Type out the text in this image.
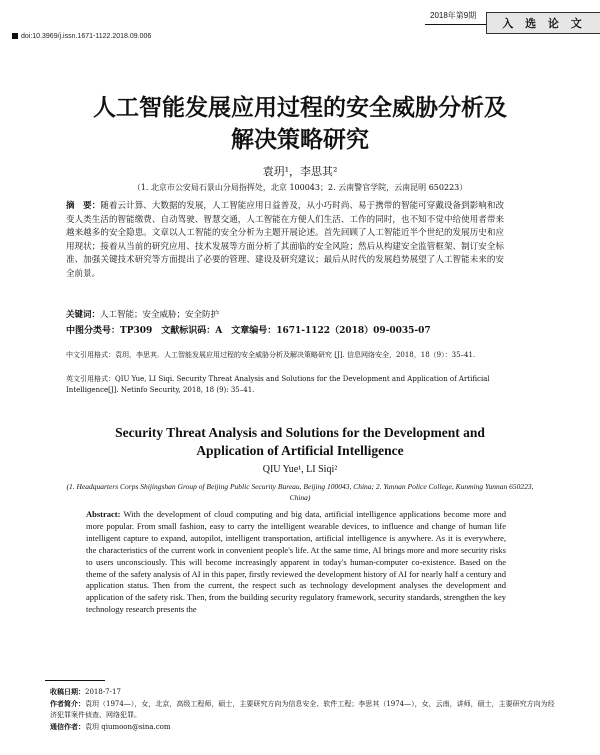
doi:10.3969/j.issn.1671-1122.2018.09.006
2018年第9期
入 选 论 文
人工智能发展应用过程的安全威胁分析及
解决策略研究
袁玥¹，李思其²
（1. 北京市公安局石景山分局指挥处，北京 100043；2. 云南警官学院，云南昆明 650223）
摘　要：随着云计算、大数据的发展，人工智能应用日益普及，从小巧时尚、易于携带的智能可穿戴设备到影响和改变人类生活的智能缴费、自动驾驶、智慧交通，人工智能在方便人们生活、工作的同时，也不知不觉中给使用者带来越来越多的安全隐患。文章以人工智能的安全分析为主题开展论述。首先回顾了人工智能近半个世纪的发展历史和应用现状；接着从当前的研究应用、技术发展等方面分析了其面临的安全风险；然后从构建安全监管框架、制订安全标准、加强关键技术研究等方面提出了必要的管理、建设及研究建议；最后从时代的发展趋势展望了人工智能未来的安全前景。
关键词：人工智能；安全威胁；安全防护
中图分类号：TP309　文献标识码：A　文章编号：1671-1122（2018）09-0035-07
中文引用格式：袁玥，李思其．人工智能发展应用过程的安全威胁分析及解决策略研究 [J]. 信息网络安全，2018，18（9）：35–41.
英文引用格式：QIU Yue, LI Siqi. Security Threat Analysis and Solutions for the Development and Application of Artificial Intelligence[J]. Netinfo Security, 2018, 18 (9): 35–41.
Security Threat Analysis and Solutions for the Development and
Application of Artificial Intelligence
QIU Yue¹, LI Siqi²
(1. Headquarters Corps Shijingshan Group of Beijing Public Security Bureau, Beijing 100043, China; 2. Yunnan Police College, Kunming Yunnan 650223, China)
Abstract: With the development of cloud computing and big data, artificial intelligence applications become more and more popular. From small fashion, easy to carry the intelligent wearable devices, to influence and change of human life intelligent capture to expand, autopilot, intelligent transportation, artificial intelligence is anywhere. As it is everywhere, the characteristics of the current work in convenient people's life. At the same time, AI brings more and more security risks to users unconsciously. This will become increasingly apparent in today's human-computer co-existence. Based on the theme of the safety analysis of AI in this paper, firstly reviewed the development history of AI for nearly half a century and application status. Then from the current, the respect such as technology development analyses the development and application of the safety risk. Then, from the building security regulatory framework, security standards, strengthen the key technology research presents the
收稿日期：2018-7-17
作者简介：袁玥（1974—），女，北京，高级工程师，硕士，主要研究方向为信息安全、软件工程；李思其（1974—），女，云南，讲师，硕士，主要研究方向为经济犯罪案件侦查、网络犯罪。
通信作者：袁玥 qiumoon@sina.com
